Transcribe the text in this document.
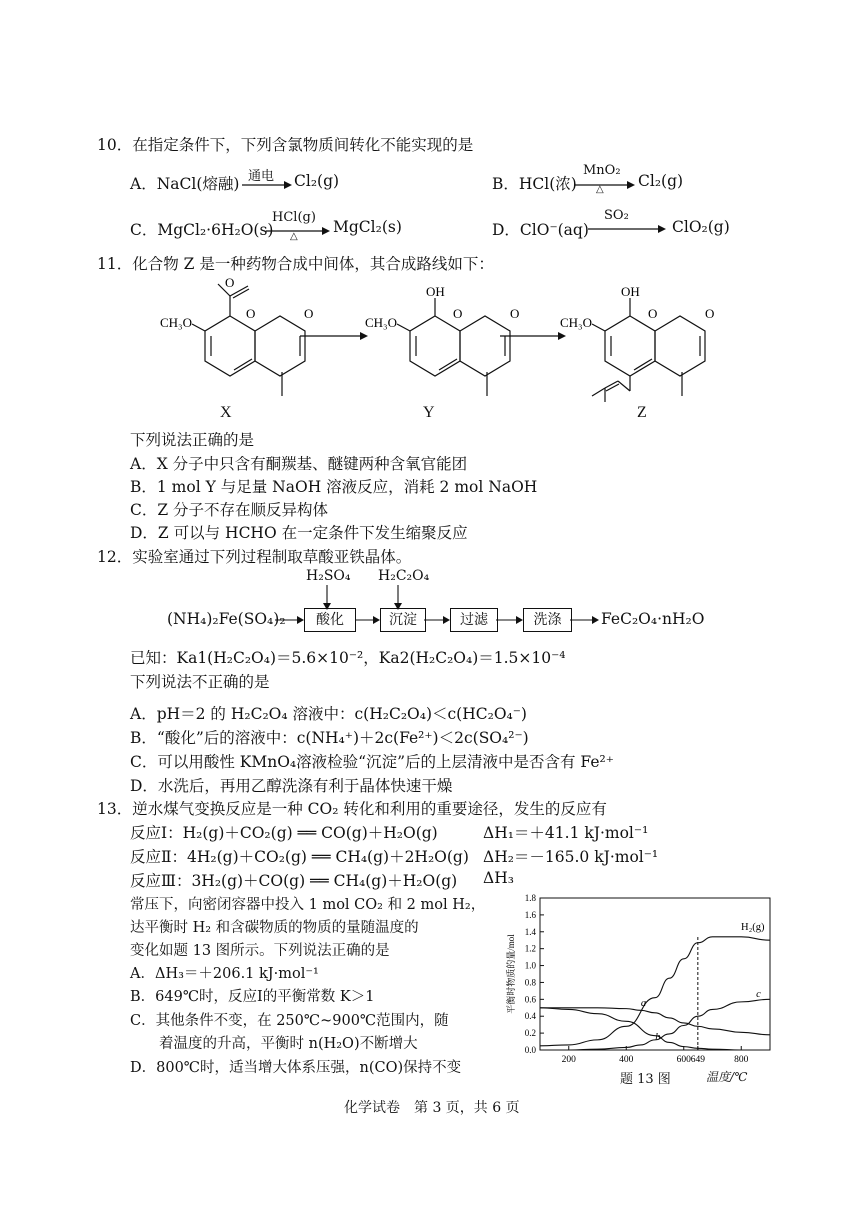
10．在指定条件下，下列含氯物质间转化不能实现的是
A．NaCl(熔融) 通电 Cl₂(g)	B．HCl(浓)
MnO₂
△ Cl₂(g)
C．MgCl₂·6H₂O(s)
HCl(g)
△
MgCl₂(s)	D．ClO⁻(aq)
SO₂
ClO₂(g)
11．化合物 Z 是一种药物合成中间体，其合成路线如下：
O
O	O
CH₃O
OH
O	O
CH₃O
OH
O	O
CH₃O
X	Y	Z
下列说法正确的是
A．X 分子中只含有酮羰基、醚键两种含氧官能团
B．1 mol Y 与足量 NaOH 溶液反应，消耗 2 mol NaOH
C．Z 分子不存在顺反异构体
D．Z 可以与 HCHO 在一定条件下发生缩聚反应
12．实验室通过下列过程制取草酸亚铁晶体。
H₂SO₄ H₂C₂O₄
(NH₄)₂Fe(SO₄)₂	酸化	沉淀	过滤	洗涤	FeC₂O₄·nH₂O
已知：Ka1(H₂C₂O₄)＝5.6×10⁻²，Ka2(H₂C₂O₄)＝1.5×10⁻⁴
下列说法不正确的是
A．pH＝2 的 H₂C₂O₄ 溶液中：c(H₂C₂O₄)＜c(HC₂O₄⁻)
B．“酸化”后的溶液中：c(NH₄⁺)＋2c(Fe²⁺)＜2c(SO₄²⁻)
C．可以用酸性 KMnO₄溶液检验“沉淀”后的上层清液中是否含有 Fe²⁺
D．水洗后，再用乙醇洗涤有利于晶体快速干燥
13．逆水煤气变换反应是一种 CO₂ 转化和利用的重要途径，发生的反应有
反应Ⅰ：H₂(g)＋CO₂(g) ══ CO(g)＋H₂O(g)	ΔH₁＝＋41.1 kJ·mol⁻¹
反应Ⅱ：4H₂(g)＋CO₂(g) ══ CH₄(g)＋2H₂O(g) ΔH₂＝－165.0 kJ·mol⁻¹
反应Ⅲ：3H₂(g)＋CO(g) ══ CH₄(g)＋H₂O(g) ΔH₃
常压下，向密闭容器中投入 1 mol CO₂ 和 2 mol H₂，
达平衡时 H₂ 和含碳物质的物质的量随温度的
变化如题 13 图所示。下列说法正确的是
A．ΔH₃＝＋206.1 kJ·mol⁻¹
B．649℃时，反应Ⅰ的平衡常数 K＞1
C．其他条件不变，在 250℃~900℃范围内，随
　　着温度的升高，平衡时 n(H₂O)不断增大
D．800℃时，适当增大体系压强，n(CO)保持不变
0.0
0.2
0.4
0.6
0.8
1.0
1.2
1.4
1.6
1.8
200	400	600 649	800
平衡时物质的量/mol
H₂(g)
a
b
c
题 13 图	温度/℃
化学试卷　第 3 页，共 6 页
